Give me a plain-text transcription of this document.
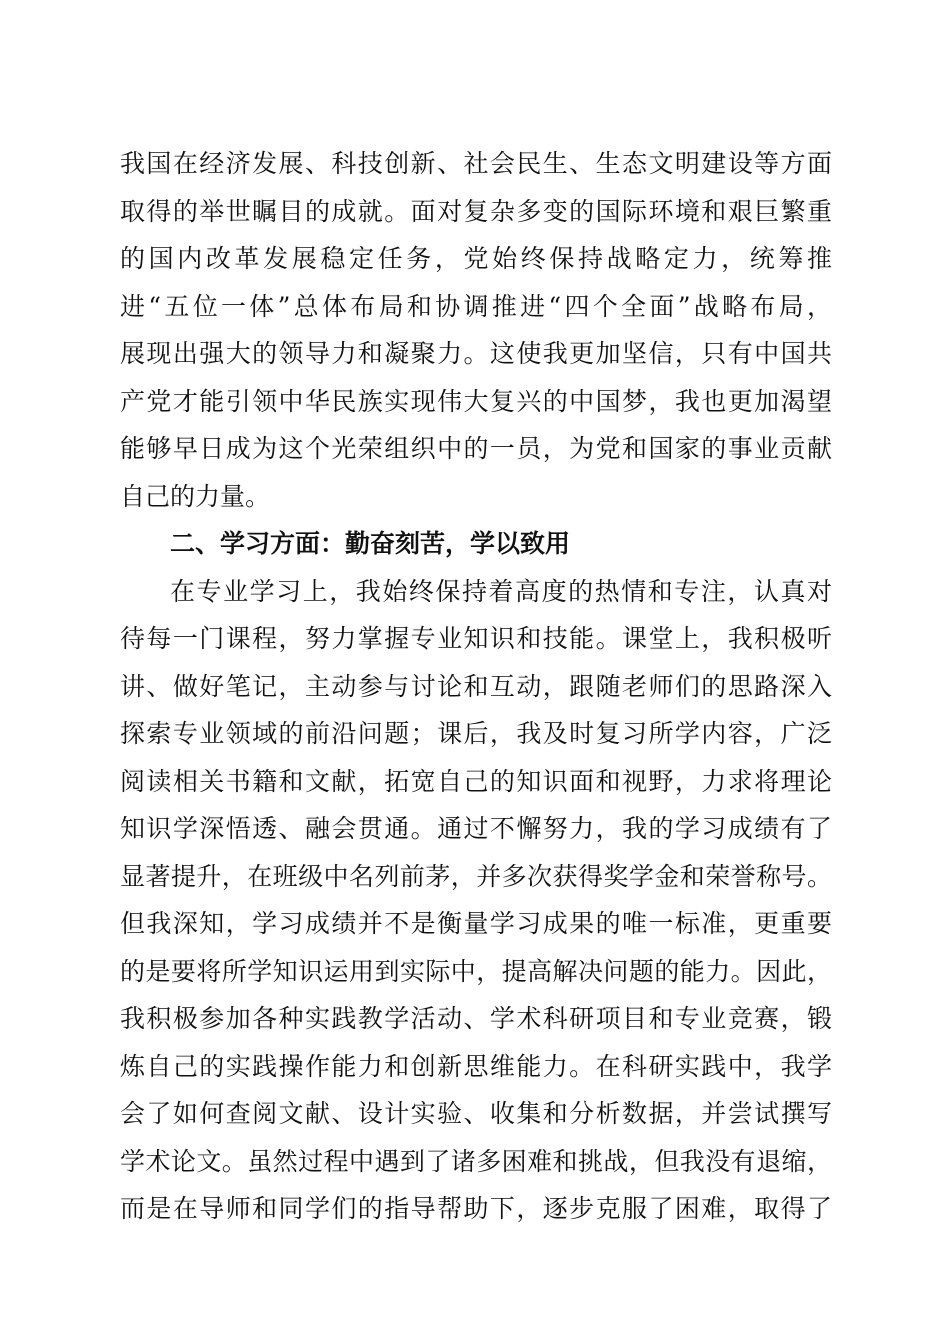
我国在经济发展、科技创新、社会民生、生态文明建设等方面
取得的举世瞩目的成就。面对复杂多变的国际环境和艰巨繁重
的国内改革发展稳定任务，党始终保持战略定力，统筹推
进“五位一体”总体布局和协调推进“四个全面”战略布局，
展现出强大的领导力和凝聚力。这使我更加坚信，只有中国共
产党才能引领中华民族实现伟大复兴的中国梦，我也更加渴望
能够早日成为这个光荣组织中的一员，为党和国家的事业贡献
自己的力量。
二、学习方面：勤奋刻苦，学以致用
在专业学习上，我始终保持着高度的热情和专注，认真对
待每一门课程，努力掌握专业知识和技能。课堂上，我积极听
讲、做好笔记，主动参与讨论和互动，跟随老师们的思路深入
探索专业领域的前沿问题；课后，我及时复习所学内容，广泛
阅读相关书籍和文献，拓宽自己的知识面和视野，力求将理论
知识学深悟透、融会贯通。通过不懈努力，我的学习成绩有了
显著提升，在班级中名列前茅，并多次获得奖学金和荣誉称号。
但我深知，学习成绩并不是衡量学习成果的唯一标准，更重要
的是要将所学知识运用到实际中，提高解决问题的能力。因此，
我积极参加各种实践教学活动、学术科研项目和专业竞赛，锻
炼自己的实践操作能力和创新思维能力。在科研实践中，我学
会了如何查阅文献、设计实验、收集和分析数据，并尝试撰写
学术论文。虽然过程中遇到了诸多困难和挑战，但我没有退缩，
而是在导师和同学们的指导帮助下，逐步克服了困难，取得了
